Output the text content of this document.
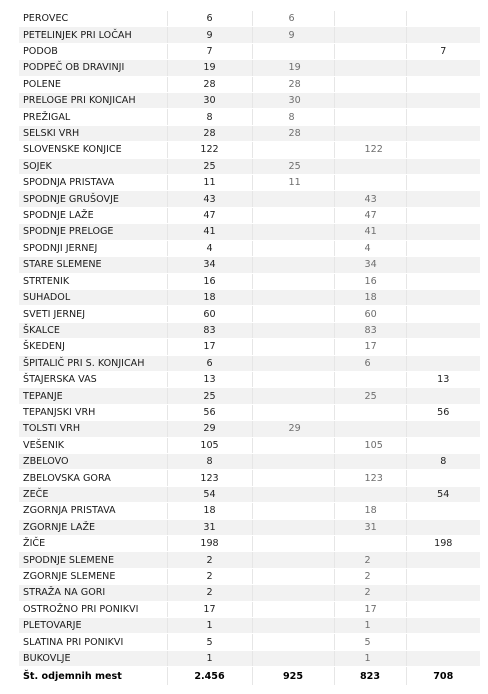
PEROVEC	6	6		
PETELINJEK PRI LOČAH	9	9		
PODOB	7			7
PODPEČ OB DRAVINJI	19	19		
POLENE	28	28		
PRELOGE PRI KONJICAH	30	30		
PREŽIGAL	8	8		
SELSKI VRH	28	28		
SLOVENSKE KONJICE	122		122	
SOJEK	25	25		
SPODNJA PRISTAVA	11	11		
SPODNJE GRUŠOVJE	43		43	
SPODNJE LAŽE	47		47	
SPODNJE PRELOGE	41		41	
SPODNJI JERNEJ	4		4	
STARE SLEMENE	34		34	
STRTENIK	16		16	
SUHADOL	18		18	
SVETI JERNEJ	60		60	
ŠKALCE	83		83	
ŠKEDENJ	17		17	
ŠPITALIČ PRI S. KONJICAH	6		6	
ŠTAJERSKA VAS	13			13
TEPANJE	25		25	
TEPANJSKI VRH	56			56
TOLSTI VRH	29	29		
VEŠENIK	105		105	
ZBELOVO	8			8
ZBELOVSKA GORA	123		123	
ZEČE	54			54
ZGORNJA PRISTAVA	18		18	
ZGORNJE LAŽE	31		31	
ŽIČE	198			198
SPODNJE SLEMENE	2		2	
ZGORNJE SLEMENE	2		2	
STRAŽA NA GORI	2		2	
OSTROŽNO PRI PONIKVI	17		17	
PLETOVARJE	1		1	
SLATINA PRI PONIKVI	5		5	
BUKOVLJE	1		1	
Št. odjemnih mest	2.456	925	823	708
